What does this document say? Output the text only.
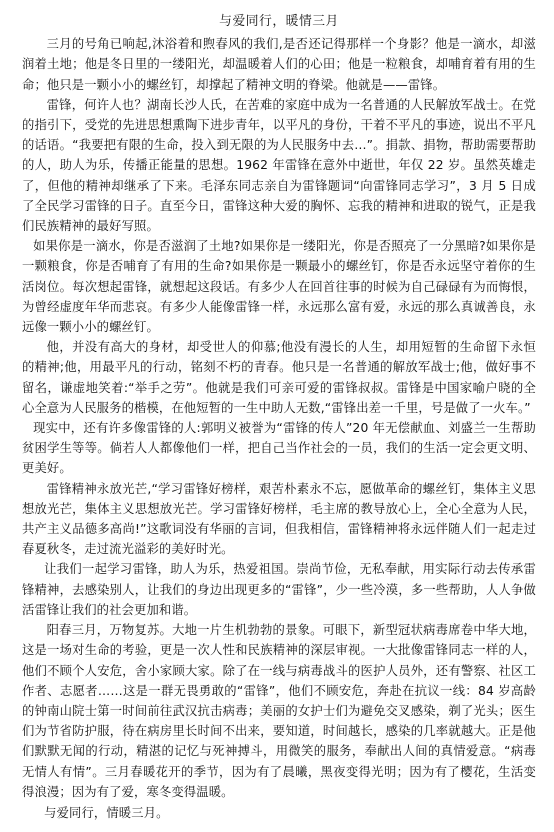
与爱同行，暖情三月

三月的号角已响起,沐浴着和煦春风的我们,是否还记得那样一个身影？他是一滴水，却滋润着土地；他是冬日里的一缕阳光，却温暖着人们的心田；他是一粒粮食，却哺育着有用的生命；他只是一颗小小的螺丝钉，却撑起了精神文明的脊梁。他就是——雷锋。

雷锋，何许人也？湖南长沙人氏，在苦难的家庭中成为一名普通的人民解放军战士。在党的指引下，受党的先进思想熏陶下进步青年，以平凡的身份，干着不平凡的事迹，说出不平凡的话语。“我要把有限的生命，投入到无限的为人民服务中去…”。捐款、捐物，帮助需要帮助的人，助人为乐，传播正能量的思想。1962 年雷锋在意外中逝世，年仅 22 岁。虽然英雄走了，但他的精神却继承了下来。毛泽东同志亲自为雷锋题词“向雷锋同志学习”，3 月 5 日成了全民学习雷锋的日子。直至今日，雷锋这种大爱的胸怀、忘我的精神和进取的锐气，正是我们民族精神的最好写照。

如果你是一滴水，你是否滋润了土地?如果你是一缕阳光，你是否照亮了一分黑暗?如果你是一颗粮食，你是否哺育了有用的生命?如果你是一颗最小的螺丝钉，你是否永远坚守着你的生活岗位。每次想起雷锋，就想起这段话。有多少人在回首往事的时候为自己碌碌有为而悔恨，为曾经虚度年华而悲哀。有多少人能像雷锋一样，永远那么富有爱，永远的那么真诚善良，永远像一颗小小的螺丝钉。

他，并没有高大的身材，却受世人的仰慕;他没有漫长的人生，却用短暂的生命留下永恒的精神;他，用最平凡的行动，铭刻不朽的青春。他只是一名普通的解放军战士;他，做好事不留名，谦虚地笑着:“举手之劳”。他就是我们可亲可爱的雷锋叔叔。雷锋是中国家喻户晓的全心全意为人民服务的楷模，在他短暂的一生中助人无数,“雷锋出差一千里，号是做了一火车。”

现实中，还有许多像雷锋的人:郭明义被誉为“雷锋的传人”20 年无偿献血、刘盛兰一生帮助贫困学生等等。倘若人人都像他们一样，把自己当作社会的一员，我们的生活一定会更文明、更美好。

雷锋精神永放光芒,“学习雷锋好榜样，艰苦朴素永不忘，愿做革命的螺丝钉，集体主义思想放光芒，集体主义思想放光芒。学习雷锋好榜样，毛主席的教导放心上，全心全意为人民，共产主义品德多高尚!”这歌词没有华丽的言词，但我相信，雷锋精神将永远伴随人们一起走过春夏秋冬，走过流光溢彩的美好时光。

让我们一起学习雷锋，助人为乐，热爱祖国。崇尚节俭，无私奉献，用实际行动去传承雷锋精神，去感染别人，让我们的身边出现更多的“雷锋”，少一些冷漠，多一些帮助，人人争做活雷锋让我们的社会更加和谐。

阳春三月，万物复苏。大地一片生机勃勃的景象。可眼下，新型冠状病毒席卷中华大地，这是一场对生命的考验，更是一次人性和民族精神的深层审视。一大批像雷锋同志一样的人，他们不顾个人安危，舍小家顾大家。除了在一线与病毒战斗的医护人员外，还有警察、社区工作者、志愿者……这是一群无畏勇敢的“雷锋”，他们不顾安危，奔赴在抗议一线：84 岁高龄的钟南山院士第一时间前往武汉抗击病毒；美丽的女护士们为避免交叉感染，剃了光头；医生们为节省防护服，待在病房里长时间不出来，要知道，时间越长，感染的几率就越大。正是他们默默无闻的行动，精湛的记忆与死神搏斗，用微笑的服务，奉献出人间的真情爱意。“病毒无情人有情”。三月春暖花开的季节，因为有了晨曦，黑夜变得光明；因为有了樱花，生活变得浪漫；因为有了爱，寒冬变得温暖。

与爱同行，情暖三月。
